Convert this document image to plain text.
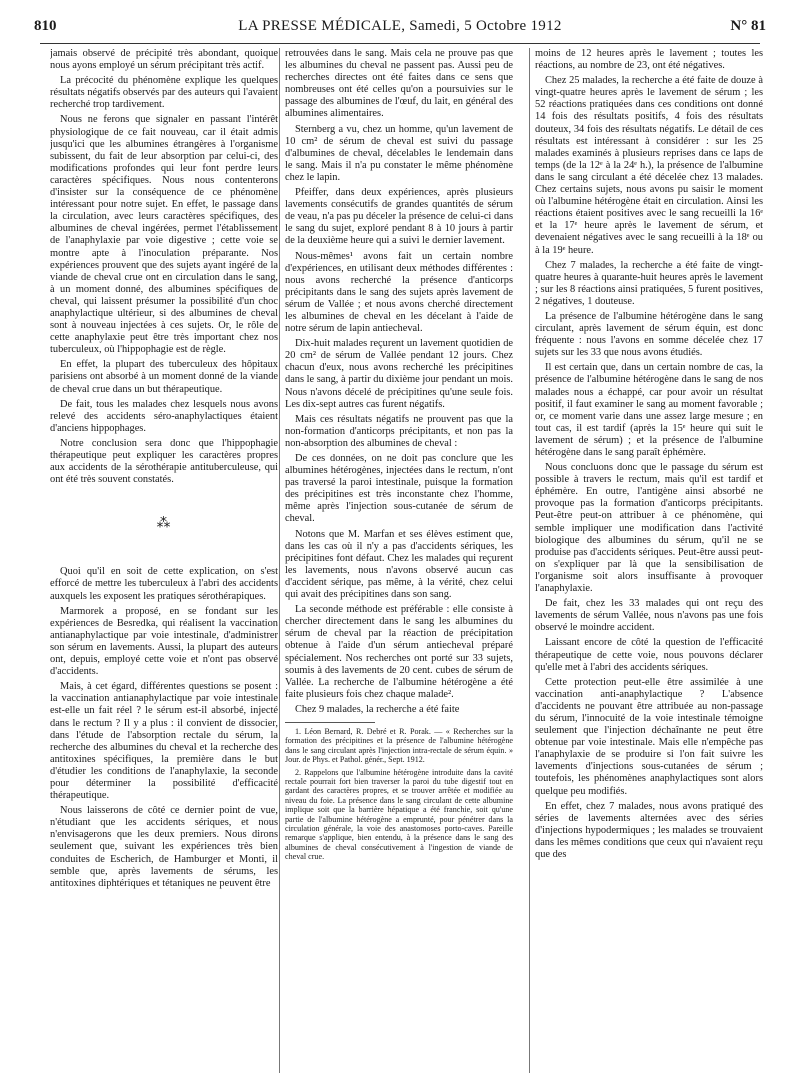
810	LA PRESSE MÉDICALE, Samedi, 5 Octobre 1912	N° 81

jamais observé de précipité très abondant, quoique nous ayons employé un sérum précipitant très actif.

La précocité du phénomène explique les quelques résultats négatifs observés par des auteurs qui l'avaient recherché trop tardivement.

Nous ne ferons que signaler en passant l'intérêt physiologique de ce fait nouveau, car il était admis jusqu'ici que les albumines étrangères à l'organisme subissent, du fait de leur absorption par celui-ci, des modifications profondes qui leur font perdre leurs caractères spécifiques. Nous nous contenterons d'insister sur la conséquence de ce phénomène intéressant pour notre sujet. En effet, le passage dans la circulation, avec leurs caractères spécifiques, des albumines de cheval ingérées, permet l'établissement de l'anaphylaxie par voie digestive ; cette voie se montre apte à l'inoculation préparante. Nos expériences prouvent que des sujets ayant ingéré de la viande de cheval crue ont en circulation dans le sang, à un moment donné, des albumines spécifiques de cheval, qui laissent présumer la possibilité d'un choc anaphylactique ultérieur, si des albumines de cheval sont à nouveau injectées à ces sujets. Or, le rôle de cette anaphylaxie peut être très important chez nos tuberculeux, où l'hippophagie est de règle.

En effet, la plupart des tuberculeux des hôpitaux parisiens ont absorbé à un moment donné de la viande de cheval crue dans un but thérapeutique.

De fait, tous les malades chez lesquels nous avons relevé des accidents séro-anaphylactiques étaient d'anciens hippophages.

Notre conclusion sera donc que l'hippophagie thérapeutique peut expliquer les caractères propres aux accidents de la sérothérapie antituberculeuse, qui ont été très souvent constatés.

⁂

Quoi qu'il en soit de cette explication, on s'est efforcé de mettre les tuberculeux à l'abri des accidents auxquels les exposent les pratiques sérothérapiques.

Marmorek a proposé, en se fondant sur les expériences de Besredka, qui réalisent la vaccination antianaphylactique par voie intestinale, d'administrer son sérum en lavements. Aussi, la plupart des auteurs ont, depuis, employé cette voie et n'ont pas observé d'accidents.

Mais, à cet égard, différentes questions se posent : la vaccination antianaphylactique par voie intestinale est-elle un fait réel ? le sérum est-il absorbé, injecté dans le rectum ? Il y a plus : il convient de dissocier, dans l'étude de l'absorption rectale du sérum, la recherche des albumines du cheval et la recherche des antitoxines spécifiques, la première dans le but d'étudier les conditions de l'anaphylaxie, la seconde pour déterminer la possibilité d'efficacité thérapeutique.

Nous laisserons de côté ce dernier point de vue, n'étudiant que les accidents sériques, et nous n'envisagerons que les deux premiers. Nous dirons seulement que, suivant les expériences très bien conduites de Escherich, de Hamburger et Monti, il semble que, après lavements de sérums, les antitoxines diphtériques et tétaniques ne peuvent être

retrouvées dans le sang. Mais cela ne prouve pas que les albumines du cheval ne passent pas. Aussi peu de recherches directes ont été faites dans ce sens que nombreuses ont été celles qu'on a poursuivies sur le passage des albumines de l'œuf, du lait, en général des albumines alimentaires.

Sternberg a vu, chez un homme, qu'un lavement de 10 cm² de sérum de cheval est suivi du passage d'albumines de cheval, décelables le lendemain dans le sang. Mais il n'a pu constater le même phénomène chez le lapin.

Pfeiffer, dans deux expériences, après plusieurs lavements consécutifs de grandes quantités de sérum de veau, n'a pas pu déceler la présence de celui-ci dans le sang du sujet, exploré pendant 8 à 10 jours à partir de la deuxième heure qui a suivi le dernier lavement.

Nous-mêmes¹ avons fait un certain nombre d'expériences, en utilisant deux méthodes différentes : nous avons recherché la présence d'anticorps précipitants dans le sang des sujets après lavement de sérum de Vallée ; et nous avons cherché directement les albumines de cheval en les décelant à l'aide de notre sérum de lapin antiecheval.

Dix-huit malades reçurent un lavement quotidien de 20 cm² de sérum de Vallée pendant 12 jours. Chez chacun d'eux, nous avons recherché les précipitines dans le sang, à partir du dixième jour pendant un mois. Nous n'avons décelé de précipitines qu'une seule fois. Les dix-sept autres cas furent négatifs.

Mais ces résultats négatifs ne prouvent pas que la non-formation d'anticorps précipitants, et non pas la non-absorption des albumines de cheval :

De ces données, on ne doit pas conclure que les albumines hétérogènes, injectées dans le rectum, n'ont pas traversé la paroi intestinale, puisque la formation des précipitines est très inconstante chez l'homme, même après l'injection sous-cutanée de sérum de cheval.

Notons que M. Marfan et ses élèves estiment que, dans les cas où il n'y a pas d'accidents sériques, les précipitines font défaut. Chez les malades qui reçurent les lavements, nous n'avons observé aucun cas d'accident sérique, pas même, à la vérité, chez celui qui avait des précipitines dans son sang.

La seconde méthode est préférable : elle consiste à chercher directement dans le sang les albumines du sérum de cheval par la réaction de précipitation obtenue à l'aide d'un sérum antiecheval préparé spécialement. Nos recherches ont porté sur 33 sujets, soumis à des lavements de 20 cent. cubes de sérum de Vallée. La recherche de l'albumine hétérogène a été faite plusieurs fois chez chaque malade².

Chez 9 malades, la recherche a été faite

1. Léon Bernard, R. Debré et R. Porak. — « Recherches sur la formation des précipitines et la présence de l'albumine hétérogène dans le sang circulant après l'injection intra-rectale de sérum équin. » Jour. de Phys. et Pathol. génér., Sept. 1912.

2. Rappelons que l'albumine hétérogène introduite dans la cavité rectale pourrait fort bien traverser la paroi du tube digestif tout en gardant des caractères propres, et se trouver arrêtée et modifiée au niveau du foie. La présence dans le sang circulant de cette albumine implique soit que la barrière hépatique a été franchie, soit qu'une partie de l'albumine hétérogène a emprunté, pour pénétrer dans la circulation générale, la voie des anastomoses porto-caves. Pareille remarque s'applique, bien entendu, à la présence dans le sang des albumines de cheval consécutivement à l'ingestion de viande de cheval crue.

moins de 12 heures après le lavement ; toutes les réactions, au nombre de 23, ont été négatives.

Chez 25 malades, la recherche a été faite de douze à vingt-quatre heures après le lavement de sérum ; les 52 réactions pratiquées dans ces conditions ont donné 14 fois des résultats positifs, 4 fois des résultats douteux, 34 fois des résultats négatifs. Le détail de ces résultats est intéressant à considérer : sur les 25 malades examinés à plusieurs reprises dans ce laps de temps (de la 12ᵉ à la 24ᵉ h.), la présence de l'albumine dans le sang circulant a été décelée chez 13 malades. Chez certains sujets, nous avons pu saisir le moment où l'albumine hétérogène était en circulation. Ainsi les réactions étaient positives avec le sang recueilli la 16ᵉ et la 17ᵉ heure après le lavement de sérum, et devenaient négatives avec le sang recueilli à la 18ᵉ ou à la 19ᵉ heure.

Chez 7 malades, la recherche a été faite de vingt-quatre heures à quarante-huit heures après le lavement ; sur les 8 réactions ainsi pratiquées, 5 furent positives, 2 négatives, 1 douteuse.

La présence de l'albumine hétérogène dans le sang circulant, après lavement de sérum équin, est donc fréquente : nous l'avons en somme décelée chez 17 sujets sur les 33 que nous avons étudiés.

Il est certain que, dans un certain nombre de cas, la présence de l'albumine hétérogène dans le sang de nos malades nous a échappé, car pour avoir un résultat positif, il faut examiner le sang au moment favorable ; or, ce moment varie dans une assez large mesure ; en tout cas, il est tardif (après la 15ᵉ heure qui suit le lavement de sérum) ; et la présence de l'albumine hétérogène dans le sang paraît éphémère.

Nous concluons donc que le passage du sérum est possible à travers le rectum, mais qu'il est tardif et éphémère. En outre, l'antigène ainsi absorbé ne provoque pas la formation d'anticorps précipitants. Peut-être peut-on attribuer à ce phénomène, qui semble impliquer une modification dans l'activité biologique des albumines du sérum, qu'il ne se produise pas d'accidents sériques. Peut-être aussi peut-on s'expliquer par là que la sensibilisation de l'organisme soit alors insuffisante à provoquer l'anaphylaxie.

De fait, chez les 33 malades qui ont reçu des lavements de sérum Vallée, nous n'avons pas une fois observé le moindre accident.

Laissant encore de côté la question de l'efficacité thérapeutique de cette voie, nous pouvons déclarer qu'elle met à l'abri des accidents sériques.

Cette protection peut-elle être assimilée à une vaccination anti-anaphylactique ? L'absence d'accidents ne pouvant être attribuée au non-passage du sérum, l'innocuité de la voie intestinale témoigne seulement que l'injection déchaînante ne peut être obtenue par voie intestinale. Mais elle n'empêche pas l'anaphylaxie de se produire si l'on fait suivre les lavements d'injections sous-cutanées de sérum ; toutefois, les phénomènes anaphylactiques sont alors quelque peu modifiés.

En effet, chez 7 malades, nous avons pratiqué des séries de lavements alternées avec des séries d'injections hypodermiques ; les malades se trouvaient dans les mêmes conditions que ceux qui n'avaient reçu que des
